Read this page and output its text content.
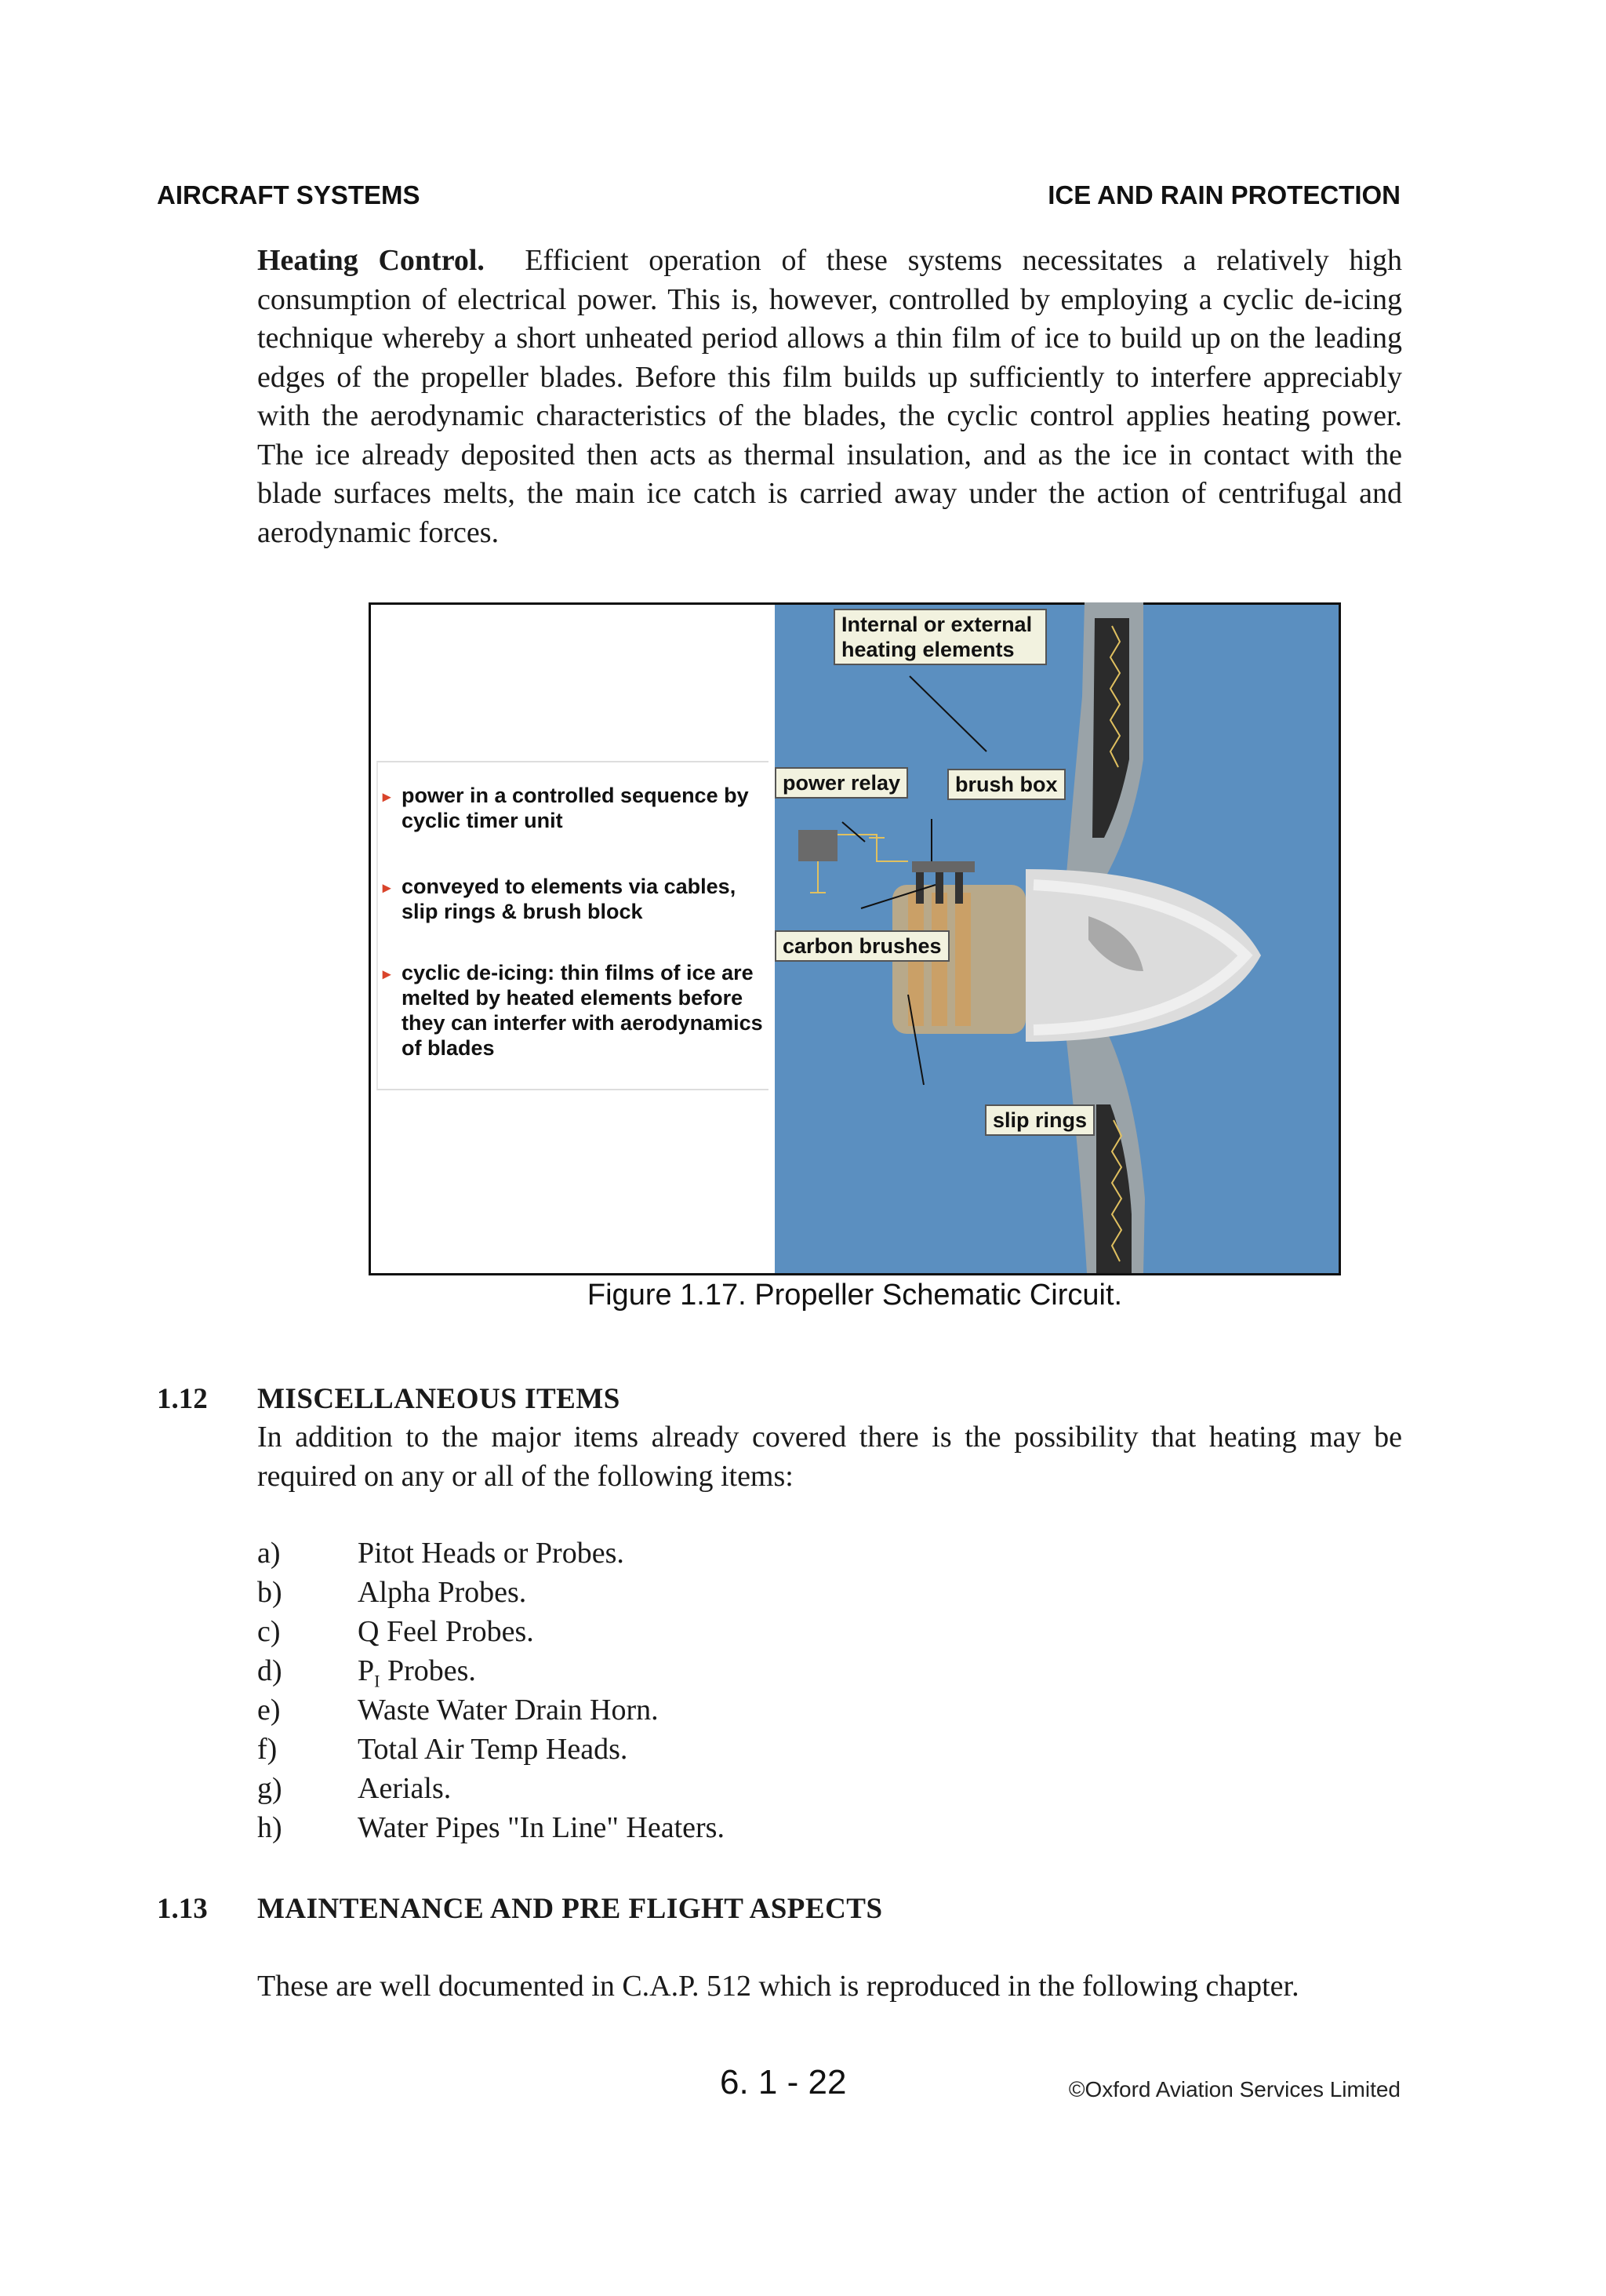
AIRCRAFT SYSTEMS	ICE AND RAIN PROTECTION
Heating Control. Efficient operation of these systems necessitates a relatively high consumption of electrical power. This is, however, controlled by employing a cyclic de-icing technique whereby a short unheated period allows a thin film of ice to build up on the leading edges of the propeller blades. Before this film builds up sufficiently to interfere appreciably with the aerodynamic characteristics of the blades, the cyclic control applies heating power. The ice already deposited then acts as thermal insulation, and as the ice in contact with the blade surfaces melts, the main ice catch is carried away under the action of centrifugal and aerodynamic forces.
▸ power in a controlled sequence by cyclic timer unit
▸ conveyed to elements via cables, slip rings & brush block
▸ cyclic de-icing: thin films of ice are melted by heated elements before they can interfer with aerodynamics of blades
Internal or external heating elements
power relay	brush box
carbon brushes
slip rings
Figure 1.17. Propeller Schematic Circuit.
1.12 MISCELLANEOUS ITEMS
In addition to the major items already covered there is the possibility that heating may be required on any or all of the following items:
a)	Pitot Heads or Probes.
b)	Alpha Probes.
c)	Q Feel Probes.
d)	$P_I$ Probes.
e)	Waste Water Drain Horn.
f)	Total Air Temp Heads.
g)	Aerials.
h)	Water Pipes "In Line" Heaters.
1.13 MAINTENANCE AND PRE FLIGHT ASPECTS
These are well documented in C.A.P. 512 which is reproduced in the following chapter.
6. 1 - 22	©Oxford Aviation Services Limited
